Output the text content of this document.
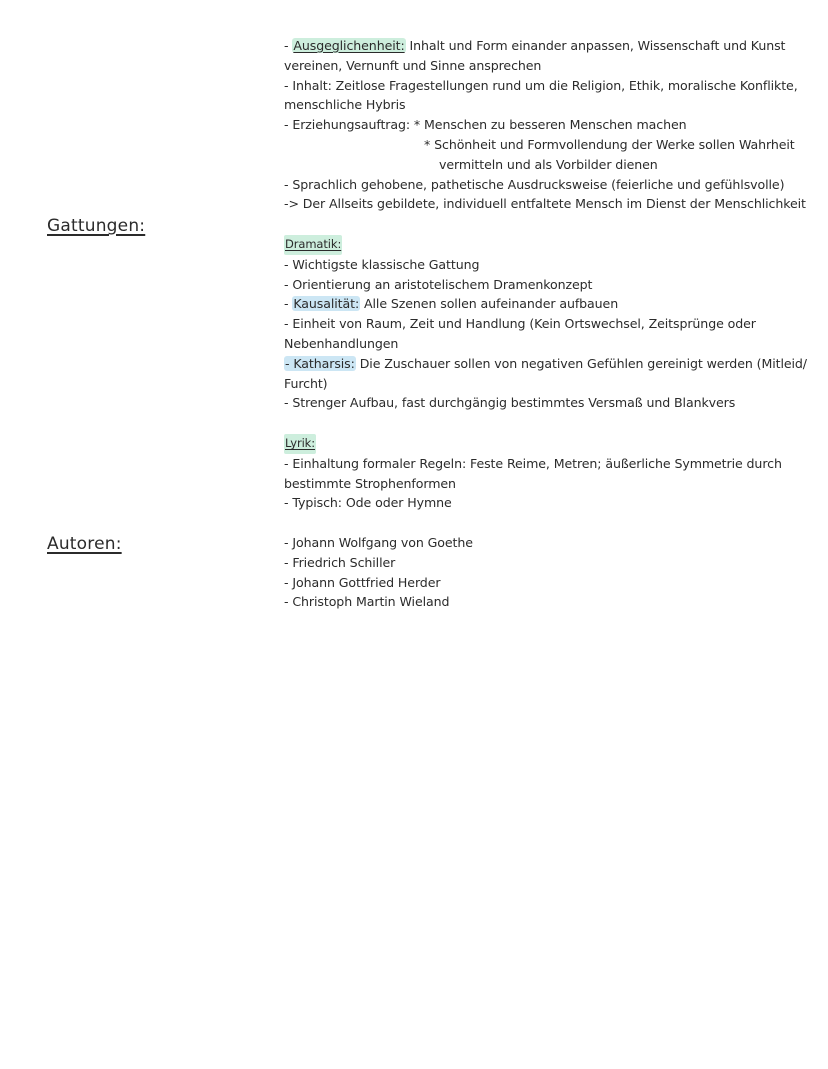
Gattungen:
Autoren:
- Ausgeglichenheit: Inhalt und Form einander anpassen, Wissenschaft und Kunst
vereinen, Vernunft und Sinne ansprechen
- Inhalt: Zeitlose Fragestellungen rund um die Religion, Ethik, moralische Konflikte,
menschliche Hybris
- Erziehungsauftrag: * Menschen zu besseren Menschen machen
* Schönheit und Formvollendung der Werke sollen Wahrheit
vermitteln und als Vorbilder dienen
- Sprachlich gehobene, pathetische Ausdrucksweise (feierliche und gefühlsvolle)
-> Der Allseits gebildete, individuell entfaltete Mensch im Dienst der Menschlichkeit
Dramatik:
- Wichtigste klassische Gattung
- Orientierung an aristotelischem Dramenkonzept
- Kausalität: Alle Szenen sollen aufeinander aufbauen
- Einheit von Raum, Zeit und Handlung (Kein Ortswechsel, Zeitsprünge oder
Nebenhandlungen
- Katharsis: Die Zuschauer sollen von negativen Gefühlen gereinigt werden (Mitleid/
Furcht)
- Strenger Aufbau, fast durchgängig bestimmtes Versmaß und Blankvers
Lyrik:
- Einhaltung formaler Regeln: Feste Reime, Metren; äußerliche Symmetrie durch
bestimmte Strophenformen
- Typisch: Ode oder Hymne
- Johann Wolfgang von Goethe
- Friedrich Schiller
- Johann Gottfried Herder
- Christoph Martin Wieland
